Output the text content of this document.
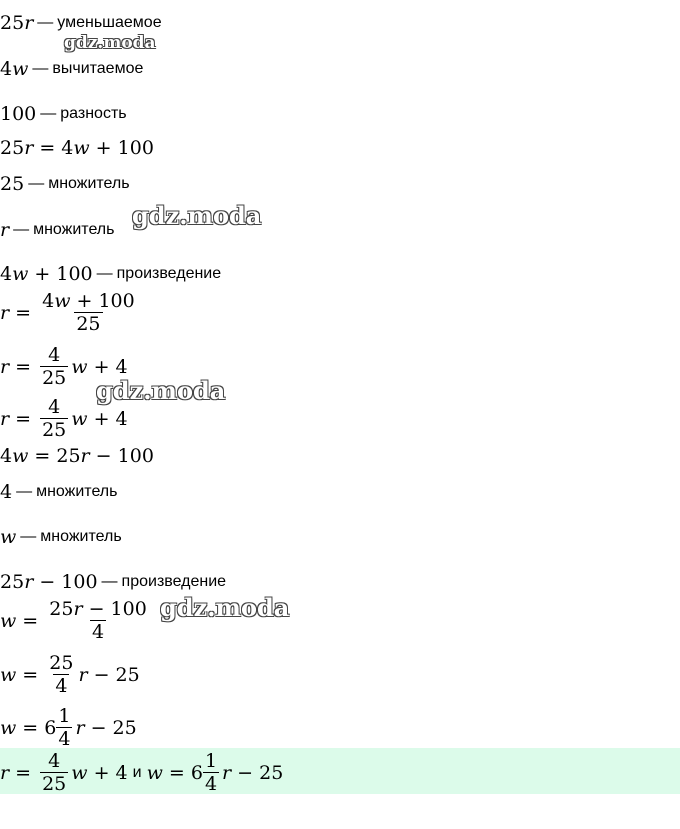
25r — уменьшаемое
4w — вычитаемое
100 — разность
25r = 4w + 100
25 — множитель
r — множитель
4w + 100 — произведение
$r = \frac{4w + 100}{25}$
$r = \frac{4}{25}$ w + 4
$r = \frac{4}{25}$ w + 4
4w = 25r − 100
4 — множитель
w — множитель
25r − 100 — произведение
$w = \frac{25r - 100}{4}$
$w = \frac{25}{4}$ r − 25
$w = 6 \frac{1}{4}$ r − 25
$r = \frac{4}{25}$ w + 4 и $w = 6 \frac{1}{4}$ r − 25
gdz.moda
gdz.moda
gdz.moda
gdz.moda
